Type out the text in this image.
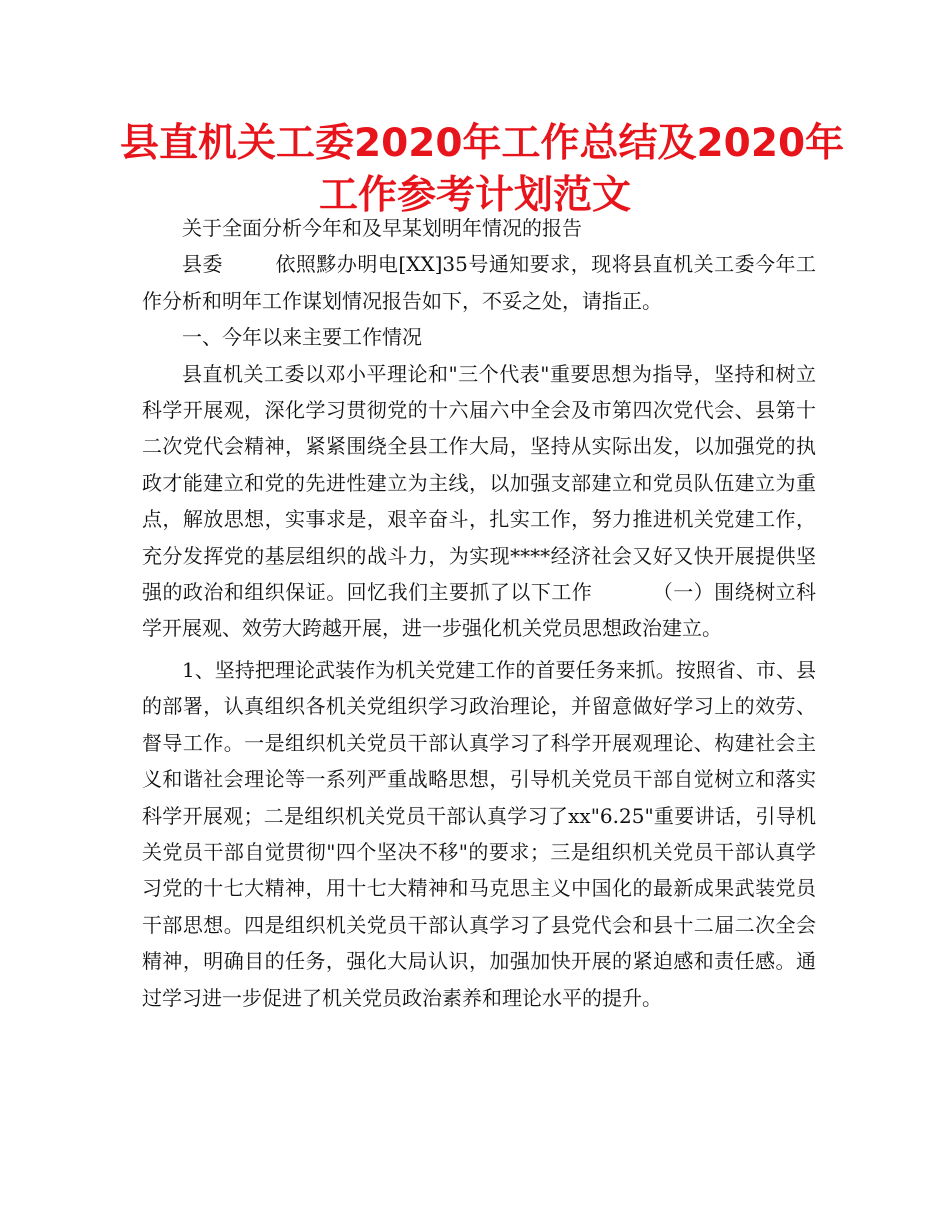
县直机关工委2020年工作总结及2020年
工作参考计划范文

关于全面分析今年和及早某划明年情况的报告

县委	依照黟办明电[XX]35号通知要求，现将县直机关工委今年工作分析和明年工作谋划情况报告如下，不妥之处，请指正。

一、今年以来主要工作情况

县直机关工委以邓小平理论和"三个代表"重要思想为指导，坚持和树立科学开展观，深化学习贯彻党的十六届六中全会及市第四次党代会、县第十二次党代会精神，紧紧围绕全县工作大局，坚持从实际出发，以加强党的执政才能建立和党的先进性建立为主线，以加强支部建立和党员队伍建立为重点，解放思想，实事求是，艰辛奋斗，扎实工作，努力推进机关党建工作，充分发挥党的基层组织的战斗力，为实现****经济社会又好又快开展提供坚强的政治和组织保证。回忆我们主要抓了以下工作	（一）围绕树立科学开展观、效劳大跨越开展，进一步强化机关党员思想政治建立。

1、坚持把理论武装作为机关党建工作的首要任务来抓。按照省、市、县的部署，认真组织各机关党组织学习政治理论，并留意做好学习上的效劳、督导工作。一是组织机关党员干部认真学习了科学开展观理论、构建社会主义和谐社会理论等一系列严重战略思想，引导机关党员干部自觉树立和落实科学开展观；二是组织机关党员干部认真学习了xx"6.25"重要讲话，引导机关党员干部自觉贯彻"四个坚决不移"的要求；三是组织机关党员干部认真学习党的十七大精神，用十七大精神和马克思主义中国化的最新成果武装党员干部思想。四是组织机关党员干部认真学习了县党代会和县十二届二次全会精神，明确目的任务，强化大局认识，加强加快开展的紧迫感和责任感。通过学习进一步促进了机关党员政治素养和理论水平的提升。
